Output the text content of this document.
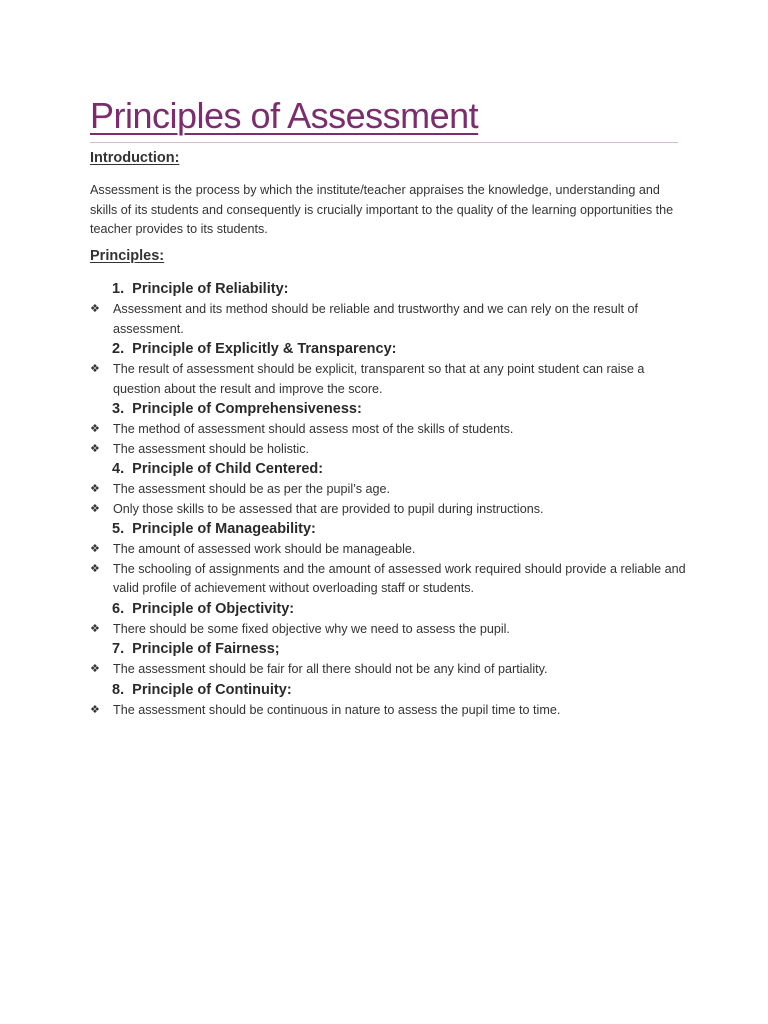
Principles of Assessment
Introduction:

Assessment is the process by which the institute/teacher appraises the knowledge, understanding and skills of its students and consequently is crucially important to the quality of the learning opportunities the teacher provides to its students.

Principles:
1. Principle of Reliability:
❖	Assessment and its method should be reliable and trustworthy and we can rely on the result of assessment.
2. Principle of Explicitly & Transparency:
❖	The result of assessment should be explicit, transparent so that at any point student can raise a question about the result and improve the score.
3. Principle of Comprehensiveness:
❖	The method of assessment should assess most of the skills of students.
❖	The assessment should be holistic.
4. Principle of Child Centered:
❖	The assessment should be as per the pupil’s age.
❖	Only those skills to be assessed that are provided to pupil during instructions.
5. Principle of Manageability:
❖	The amount of assessed work should be manageable.
❖	The schooling of assignments and the amount of assessed work required should provide a reliable and valid profile of achievement without overloading staff or students.
6. Principle of Objectivity:
❖	There should be some fixed objective why we need to assess the pupil.
7. Principle of Fairness;
❖	The assessment should be fair for all there should not be any kind of partiality.
8. Principle of Continuity:
❖	The assessment should be continuous in nature to assess the pupil time to time.
